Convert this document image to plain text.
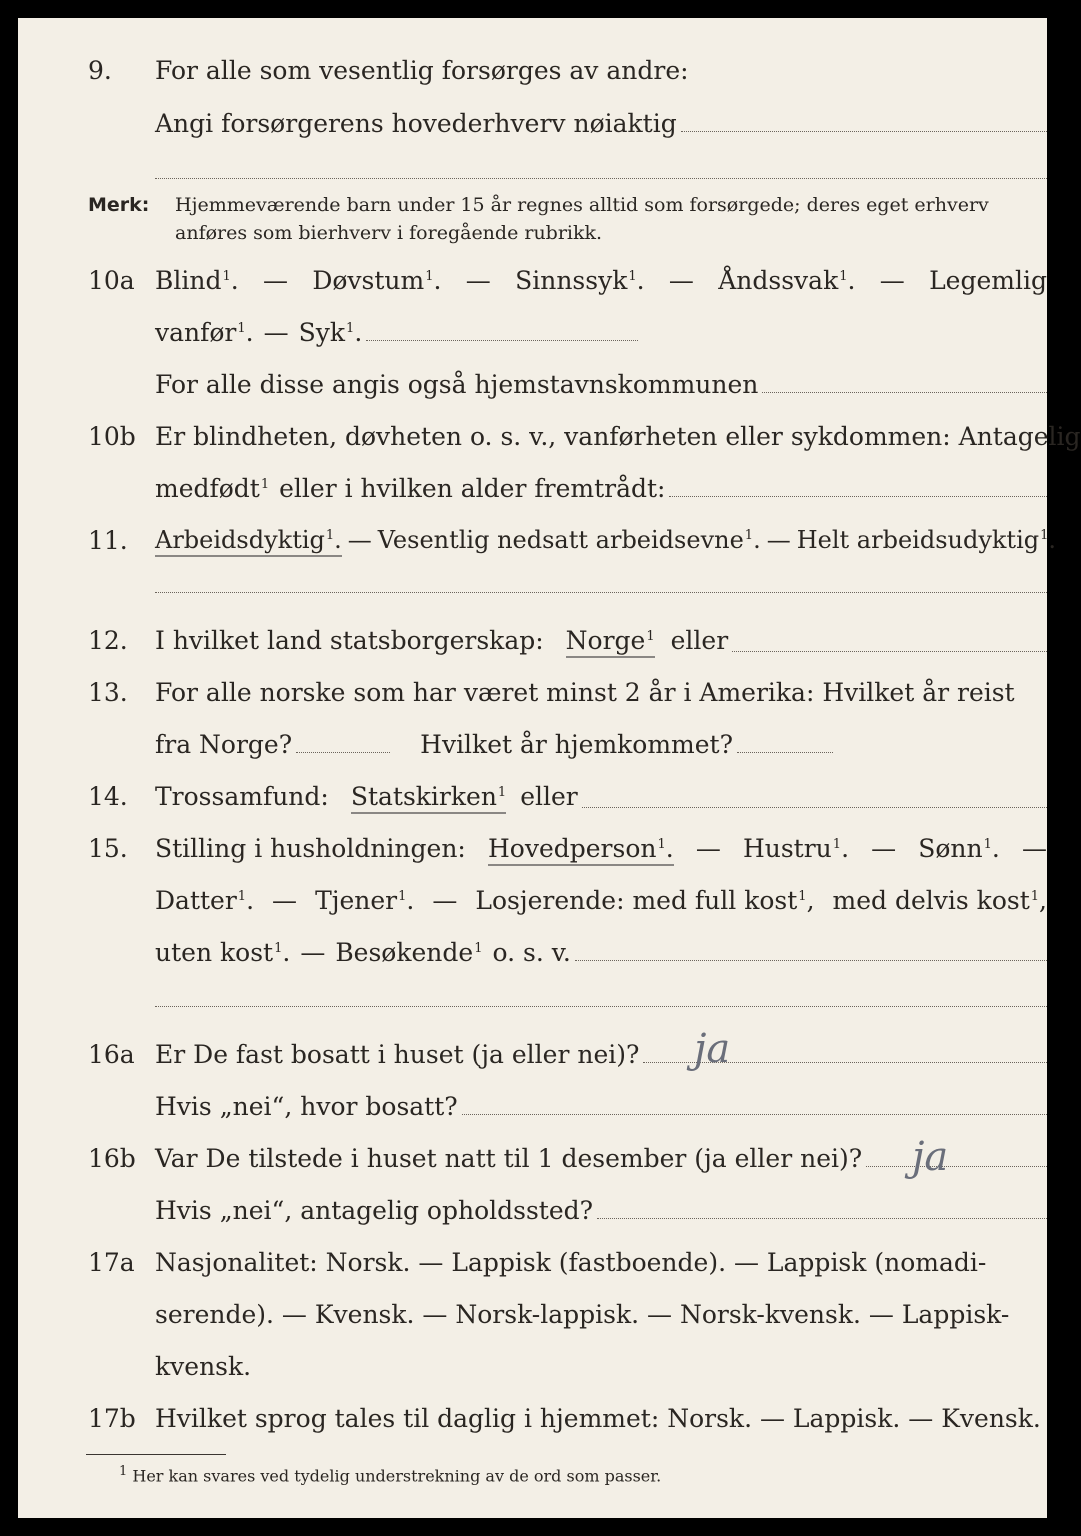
9. For alle som vesentlig forsørges av andre:
Angi forsørgerens hovederhverv nøiaktig
Merk: Hjemmeværende barn under 15 år regnes alltid som forsørgede; deres eget erhverv
anføres som bierhverv i foregående rubrikk.
10a Blind1. — Døvstum1. — Sinnssyk1. — Åndssvak1. — Legemlig
vanfør1. — Syk1.
For alle disse angis også hjemstavnskommunen
10b Er blindheten, døvheten o. s. v., vanførheten eller sykdommen: Antagelig
medfødt1 eller i hvilken alder fremtrådt:
11. Arbeidsdyktig1. — Vesentlig nedsatt arbeidsevne1. — Helt arbeidsudyktig1.
12. I hvilket land statsborgerskap: Norge1 eller
13. For alle norske som har været minst 2 år i Amerika: Hvilket år reist
fra Norge?	Hvilket år hjemkommet?
14. Trossamfund: Statskirken1 eller
15. Stilling i husholdningen: Hovedperson1. — Hustru1. — Sønn1. —
Datter1. — Tjener1. — Losjerende: med full kost1, med delvis kost1,
uten kost1. — Besøkende1 o. s. v.
16a Er De fast bosatt i huset (ja eller nei)? ja
Hvis „nei“, hvor bosatt?
16b Var De tilstede i huset natt til 1 desember (ja eller nei)? ja
Hvis „nei“, antagelig opholdssted?
17a Nasjonalitet: Norsk. — Lappisk (fastboende). — Lappisk (nomadi-
serende). — Kvensk. — Norsk-lappisk. — Norsk-kvensk. — Lappisk-
kvensk.
17b Hvilket sprog tales til daglig i hjemmet: Norsk. — Lappisk. — Kvensk.
$^1$ Her kan svares ved tydelig understrekning av de ord som passer.
